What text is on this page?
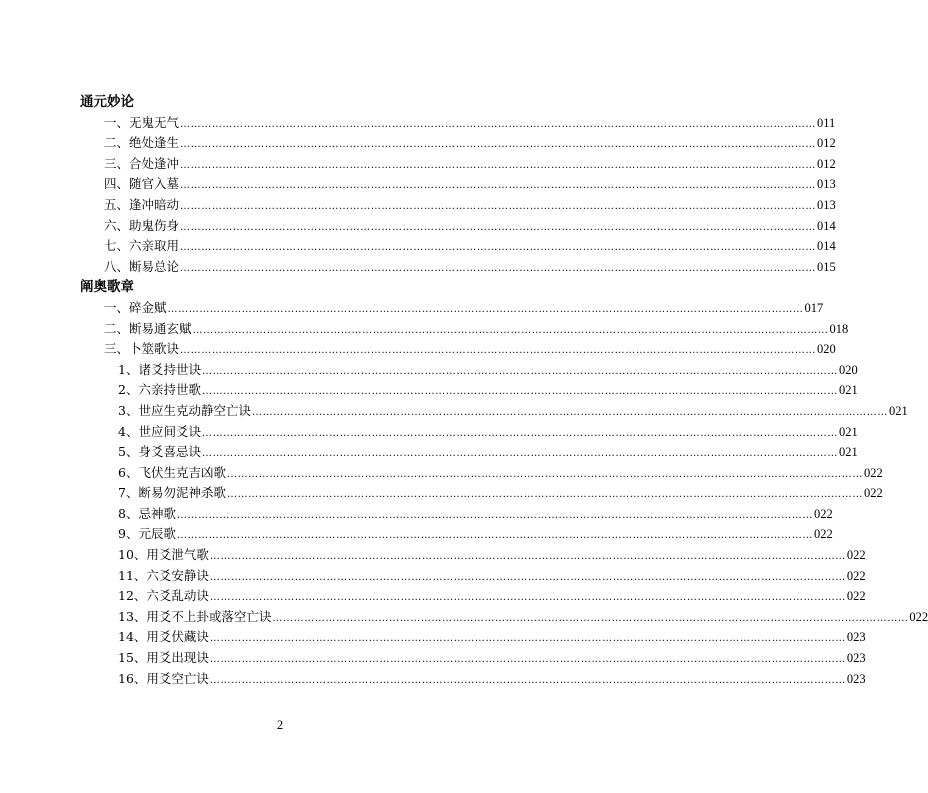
通元妙论
一、无鬼无气 ……………………………………………………………………………………………………………………………………………………………… 011
二、绝处逢生 ……………………………………………………………………………………………………………………………………………………………… 012
三、合处逢冲 ……………………………………………………………………………………………………………………………………………………………… 012
四、随官入墓 ……………………………………………………………………………………………………………………………………………………………… 013
五、逢冲暗动 ……………………………………………………………………………………………………………………………………………………………… 013
六、助鬼伤身 ……………………………………………………………………………………………………………………………………………………………… 014
七、六亲取用 ……………………………………………………………………………………………………………………………………………………………… 014
八、断易总论 ……………………………………………………………………………………………………………………………………………………………… 015
阐奥歌章
一、碎金赋 ……………………………………………………………………………………………………………………………………………………………… 017
二、断易通玄赋 ……………………………………………………………………………………………………………………………………………………………… 018
三、卜筮歌诀 ……………………………………………………………………………………………………………………………………………………………… 020
1、诸爻持世诀 ……………………………………………………………………………………………………………………………………………………………… 020
2、六亲持世歌 ……………………………………………………………………………………………………………………………………………………………… 021
3、世应生克动静空亡诀 ……………………………………………………………………………………………………………………………………………………………… 021
4、世应间爻诀 ……………………………………………………………………………………………………………………………………………………………… 021
5、身爻喜忌诀 ……………………………………………………………………………………………………………………………………………………………… 021
6、飞伏生克吉凶歌 ……………………………………………………………………………………………………………………………………………………………… 022
7、断易勿泥神杀歌 ……………………………………………………………………………………………………………………………………………………………… 022
8、忌神歌 ……………………………………………………………………………………………………………………………………………………………… 022
9、元辰歌 ……………………………………………………………………………………………………………………………………………………………… 022
10、用爻泄气歌 ……………………………………………………………………………………………………………………………………………………………… 022
11、六爻安静诀 ……………………………………………………………………………………………………………………………………………………………… 022
12、六爻乱动诀 ……………………………………………………………………………………………………………………………………………………………… 022
13、用爻不上卦或落空亡诀 ……………………………………………………………………………………………………………………………………………………………… 022
14、用爻伏藏诀 ……………………………………………………………………………………………………………………………………………………………… 023
15、用爻出现诀 ……………………………………………………………………………………………………………………………………………………………… 023
16、用爻空亡诀 ……………………………………………………………………………………………………………………………………………………………… 023
2
